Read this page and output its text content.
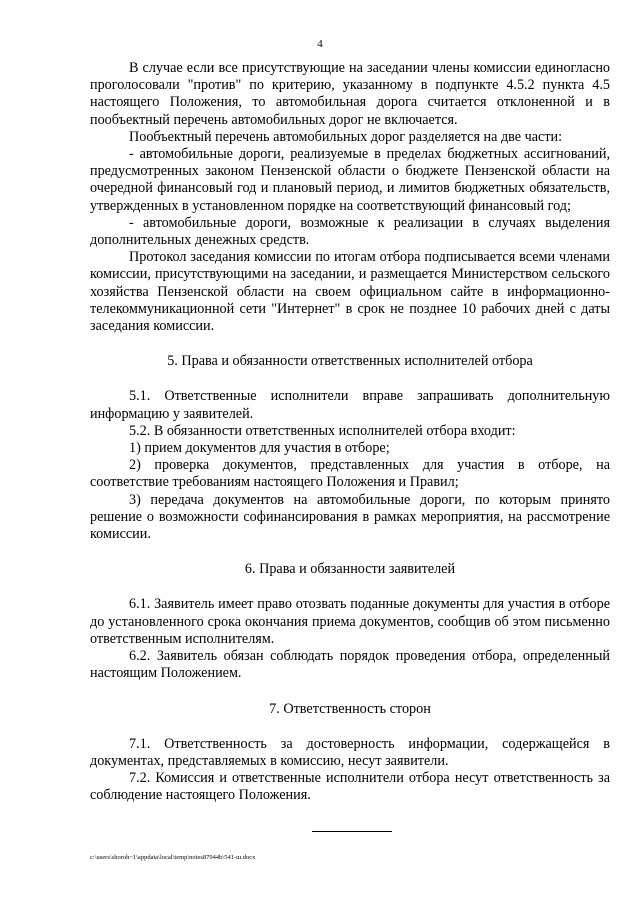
4

В случае если все присутствующие на заседании члены комиссии единогласно проголосовали "против" по критерию, указанному в подпункте 4.5.2 пункта 4.5 настоящего Положения, то автомобильная дорога считается отклоненной и в пообъектный перечень автомобильных дорог не включается.

Пообъектный перечень автомобильных дорог разделяется на две части:

- автомобильные дороги, реализуемые в пределах бюджетных ассигнований, предусмотренных законом Пензенской области о бюджете Пензенской области на очередной финансовый год и плановый период, и лимитов бюджетных обязательств, утвержденных в установленном порядке на соответствующий финансовый год;

- автомобильные дороги, возможные к реализации в случаях выделения дополнительных денежных средств.

Протокол заседания комиссии по итогам отбора подписывается всеми членами комиссии, присутствующими на заседании, и размещается Министерством сельского хозяйства Пензенской области на своем официальном сайте в информационно-телекоммуникационной сети "Интернет" в срок не позднее 10 рабочих дней с даты заседания комиссии.

5. Права и обязанности ответственных исполнителей отбора

5.1. Ответственные исполнители вправе запрашивать дополнительную информацию у заявителей.

5.2. В обязанности ответственных исполнителей отбора входит:

1) прием документов для участия в отборе;

2) проверка документов, представленных для участия в отборе, на соответствие требованиям настоящего Положения и Правил;

3) передача документов на автомобильные дороги, по которым принято решение о возможности софинансирования в рамках мероприятия, на рассмотрение комиссии.

6. Права и обязанности заявителей

6.1. Заявитель имеет право отозвать поданные документы для участия в отборе до установленного срока окончания приема документов, сообщив об этом письменно ответственным исполнителям.

6.2. Заявитель обязан соблюдать порядок проведения отбора, определенный настоящим Положением.

7. Ответственность сторон

7.1. Ответственность за достоверность информации, содержащейся в документах, представляемых в комиссию, несут заявители.

7.2. Комиссия и ответственные исполнители отбора несут ответственность за соблюдение настоящего Положения.

c:\users\shoroh~1\appdata\local\temp\notes87944b\541-ш.docx
